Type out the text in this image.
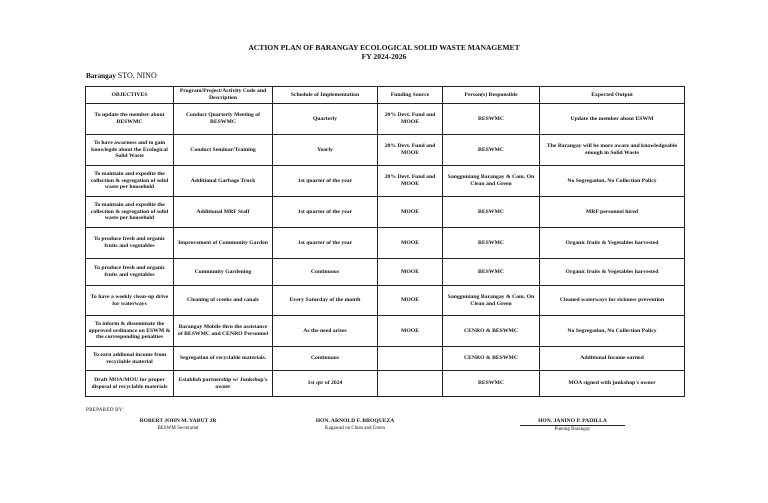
ACTION PLAN OF BARANGAY ECOLOGICAL SOLID WASTE MANAGEMET
FY 2024-2026
Barangay STO. NINO
OBJECTIVES	Program/Project/Activity Code and Description	Schedule of Implementation	Funding Source	Person(s) Responsible	Expected Output
To update the member about BESWMC	Conduct Quarterly Meeting of BESWMC	Quarterly	20% Devt. Fund and MOOE	BESWMC	Update the member about ESWM
To have awarness and to gain knowlegde about the Ecological Solid Waste	Conduct Seminar/Training	Yearly	20% Devt. Fund and MOOE	BESWMC	The Barangay will be more aware and knowledgeable enough in Solid Waste
To maintain and expedite the collection & segregation of solid waste per household	Additional Garbage Truck	1st quarter of the year	20% Devt. Fund and MOOE	Sangguniang Barangay & Com. On Clean and Green	No Segregation, No Collection Policy
To maintain and expedite the collection & segregation of solid waste per household	Additional MRF Staff	1st quarter of the year	MOOE	BESWMC	MRF personnel hired
To produce fresh and organic fruits and vegetables	Improvement of Community Garden	1st quarter of the year	MOOE	BESWMC	Organic fruits & Vegetables harvested
To produce fresh and organic fruits and vegetables	Community Gardening	Continuous	MOOE	BESWMC	Organic fruits & Vegetables harvested
To have a weekly clean-up drive for waterways	Cleaning of creeks and canals	Every Saturday of the month	MOOE	Sangguniang Barangay & Com. On Clean and Green	Cleaned waterways for sickness prevention
To inform & disseminate the approved ordinance on ESWM & the corresponding penalties	Barangay Mobile thru the assistance of BESWMC and CENRO Personnel	As the need arises	MOOE	CENRO & BESWMC	No Segregation, No Collection Policy
To earn addional income from recyclable material	Segregation of recyclable materials.	Continuous		CENRO & BESWMC	Additional Income earned
Draft MOA/MOU for proper disposal of recyclable materials	Establish partnership w/ Junkshop's owner	1st qtr of 2024		BESWMC	MOA signed with junkshop's owner
PREPARED BY:
ROBERT JOHN M. YABUT JR
BESWM Secretariat
HON. ARNOLD F. BROQUEZA
Kagawad on Clean and Green
HON. JANINO P. PADILLA
Punong Barangay
